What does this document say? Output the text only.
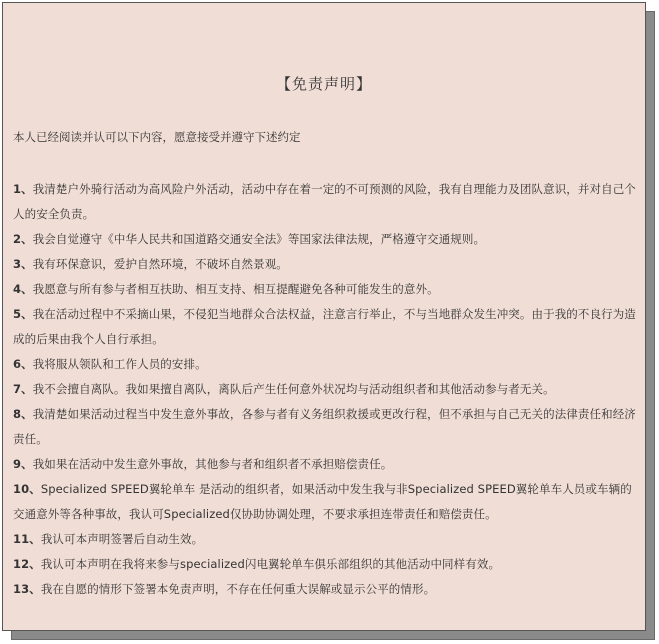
【免责声明】
本人已经阅读并认可以下内容，愿意接受并遵守下述约定
1、我清楚户外骑行活动为高风险户外活动，活动中存在着一定的不可预测的风险，我有自理能力及团队意识，并对自己个人的安全负责。
2、我会自觉遵守《中华人民共和国道路交通安全法》等国家法律法规，严格遵守交通规则。
3、我有环保意识，爱护自然环境，不破坏自然景观。
4、我愿意与所有参与者相互扶助、相互支持、相互提醒避免各种可能发生的意外。
5、我在活动过程中不采摘山果，不侵犯当地群众合法权益，注意言行举止，不与当地群众发生冲突。由于我的不良行为造成的后果由我个人自行承担。
6、我将服从领队和工作人员的安排。
7、我不会擅自离队。我如果擅自离队，离队后产生任何意外状况均与活动组织者和其他活动参与者无关。
8、我清楚如果活动过程当中发生意外事故，各参与者有义务组织救援或更改行程，但不承担与自己无关的法律责任和经济责任。
9、我如果在活动中发生意外事故，其他参与者和组织者不承担赔偿责任。
10、Specialized SPEED翼轮单车 是活动的组织者，如果活动中发生我与非Specialized SPEED翼轮单车人员或车辆的交通意外等各种事故，我认可Specialized仅协助协调处理，不要求承担连带责任和赔偿责任。
11、我认可本声明签署后自动生效。
12、我认可本声明在我将来参与specialized闪电翼轮单车俱乐部组织的其他活动中同样有效。
13、我在自愿的情形下签署本免责声明，不存在任何重大误解或显示公平的情形。
